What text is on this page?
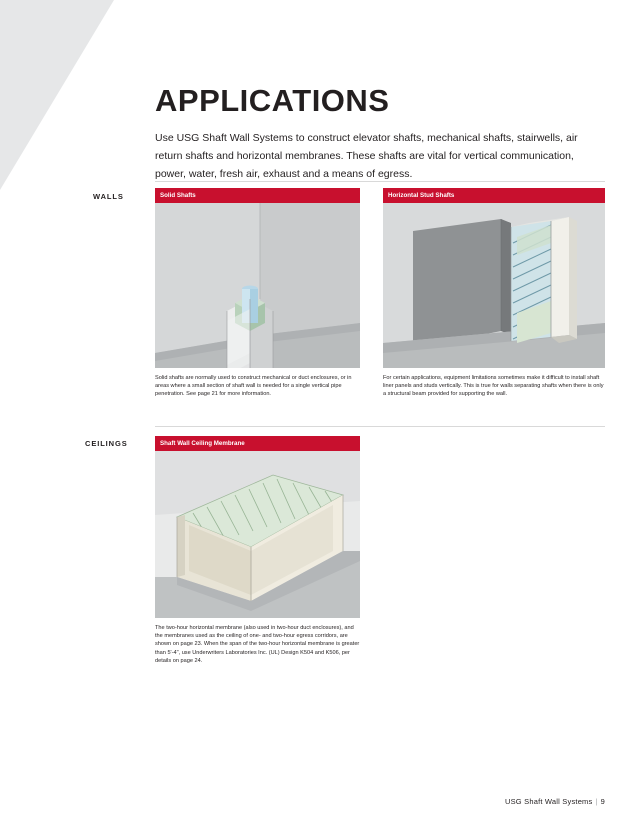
APPLICATIONS

Use USG Shaft Wall Systems to construct elevator shafts, mechanical shafts, stairwells, air return shafts and horizontal membranes. These shafts are vital for vertical communication, power, water, fresh air, exhaust and a means of egress.

WALLS
CEILINGS
Solid Shafts
Solid shafts are normally used to construct mechanical or duct enclosures, or in areas where a small section of shaft wall is needed for a single vertical pipe penetration. See page 21 for more information.
Horizontal Stud Shafts
For certain applications, equipment limitations sometimes make it difficult to install shaft liner panels and studs vertically. This is true for walls separating shafts when there is only a structural beam provided for supporting the wall.
Shaft Wall Ceiling Membrane
The two-hour horizontal membrane (also used in two-hour duct enclosures), and the membranes used as the ceiling of one- and two-hour egress corridors, are shown on page 23. When the span of the two-hour horizontal membrane is greater than 5'-4", use Underwriters Laboratories Inc. (UL) Design K504 and K506, per details on page 24.
USG Shaft Wall Systems | 9
